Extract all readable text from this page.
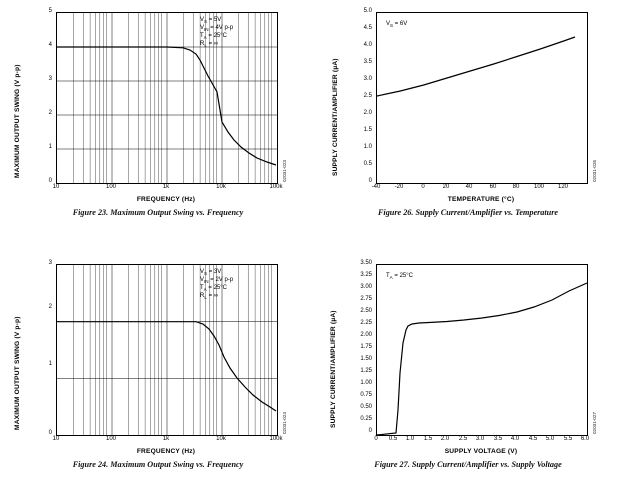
MAXIMUM OUTPUT SWING (V p-p)
FREQUENCY (Hz)
5
4
3
2
1
0
10	100	1k	10k	100k
$V_S = 5V$
$V_{IN} = 4V$ p-p
$T_A = 25^\circ C$
$R_L$ = ∞
02031-023
Figure 23. Maximum Output Swing vs. Frequency
SUPPLY CURRENT/AMPLIFIER (µA)
TEMPERATURE (°C)
5.0
4.5
4.0
3.5
3.0
2.5
2.0
1.5
1.0
0.5
0
-40	-20	0	20	40	60	80	100	120
$V_S = 6V$
02031-026
Figure 26. Supply Current/Amplifier vs. Temperature
MAXIMUM OUTPUT SWING (V p-p)
FREQUENCY (Hz)
3
2
1
0
10	100	1k	10k	100k
$V_S = 3V$
$V_{IN} = 2V$ p-p
$T_A = 25^\circ C$
$R_L$ = ∞
02031-024
Figure 24. Maximum Output Swing vs. Frequency
SUPPLY CURRENT/AMPLIFIER (µA)
SUPPLY VOLTAGE (V)
3.50
3.25
3.00
2.75
2.50
2.25
2.00
1.75
1.50
1.25
1.00
0.75
0.50
0.25
0
0	0.5	1.0	1.5	2.0	2.5	3.0	3.5	4.0	4.5	5.0	5.5	6.0
$T_A = 25^\circ C$
02031-027
Figure 27. Supply Current/Amplifier vs. Supply Voltage
